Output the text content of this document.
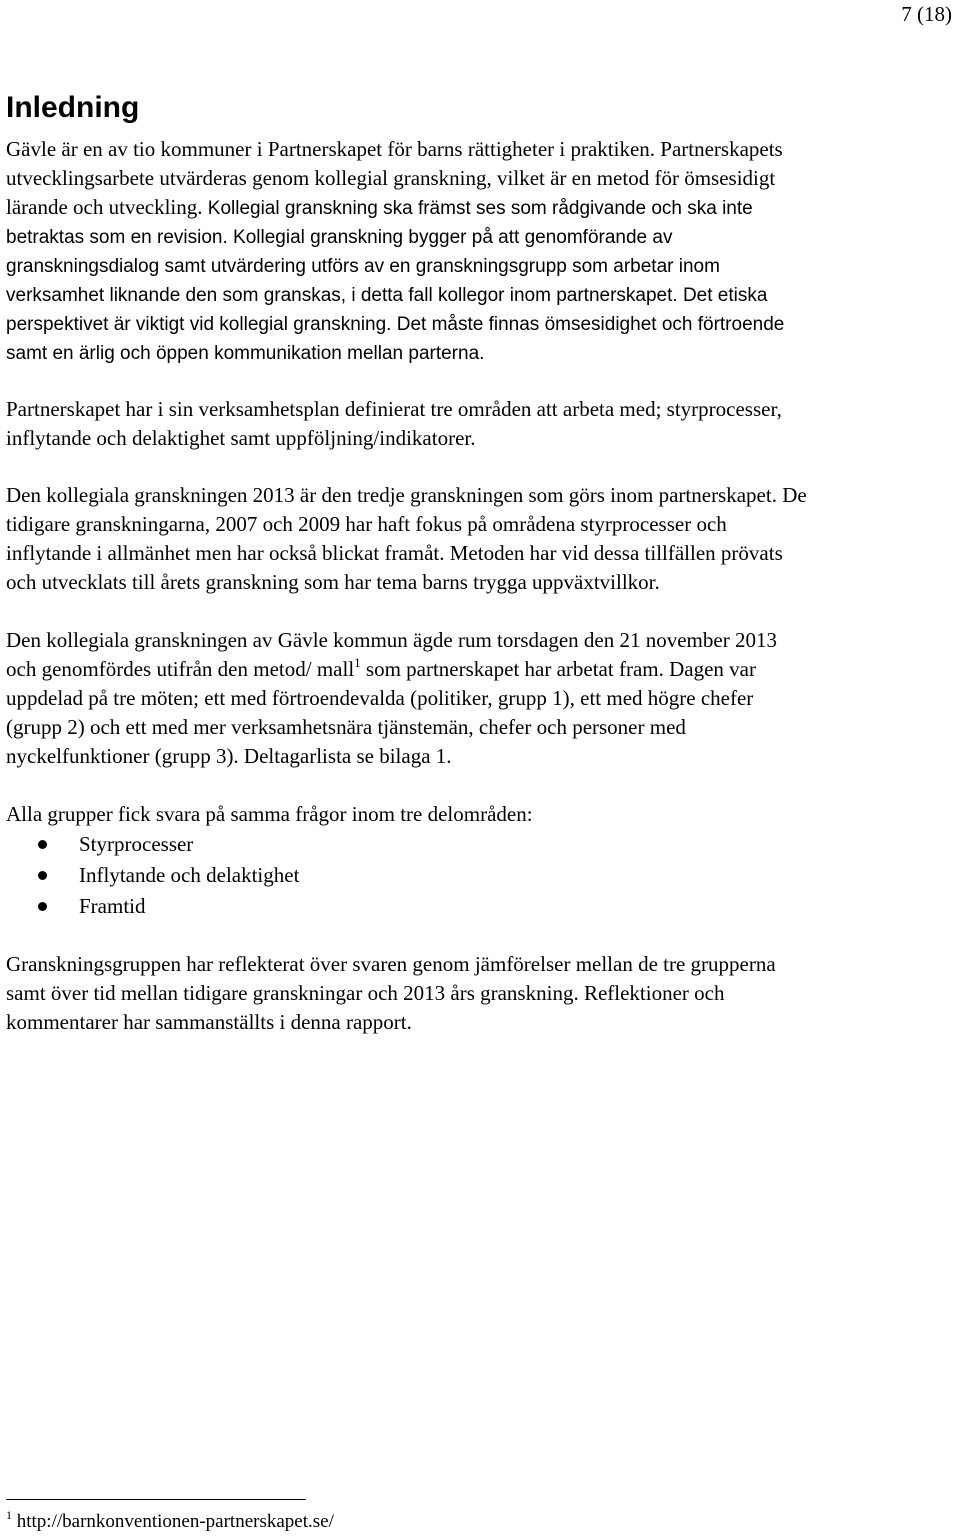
7 (18)
Inledning

Gävle är en av tio kommuner i Partnerskapet för barns rättigheter i praktiken. Partnerskapets
utvecklingsarbete utvärderas genom kollegial granskning, vilket är en metod för ömsesidigt
lärande och utveckling. Kollegial granskning ska främst ses som rådgivande och ska inte
betraktas som en revision. Kollegial granskning bygger på att genomförande av
granskningsdialog samt utvärdering utförs av en granskningsgrupp som arbetar inom
verksamhet liknande den som granskas, i detta fall kollegor inom partnerskapet. Det etiska
perspektivet är viktigt vid kollegial granskning. Det måste finnas ömsesidighet och förtroende
samt en ärlig och öppen kommunikation mellan parterna.

Partnerskapet har i sin verksamhetsplan definierat tre områden att arbeta med; styrprocesser,
inflytande och delaktighet samt uppföljning/indikatorer.

Den kollegiala granskningen 2013 är den tredje granskningen som görs inom partnerskapet. De
tidigare granskningarna, 2007 och 2009 har haft fokus på områdena styrprocesser och
inflytande i allmänhet men har också blickat framåt. Metoden har vid dessa tillfällen prövats
och utvecklats till årets granskning som har tema barns trygga uppväxtvillkor.

Den kollegiala granskningen av Gävle kommun ägde rum torsdagen den 21 november 2013
och genomfördes utifrån den metod/ mall$^1$ som partnerskapet har arbetat fram. Dagen var
uppdelad på tre möten; ett med förtroendevalda (politiker, grupp 1), ett med högre chefer
(grupp 2) och ett med mer verksamhetsnära tjänstemän, chefer och personer med
nyckelfunktioner (grupp 3). Deltagarlista se bilaga 1.

Alla grupper fick svara på samma frågor inom tre delområden:

Styrprocesser
Inflytande och delaktighet
Framtid

Granskningsgruppen har reflekterat över svaren genom jämförelser mellan de tre grupperna
samt över tid mellan tidigare granskningar och 2013 års granskning. Reflektioner och
kommentarer har sammanställts i denna rapport.

$^1$ http://barnkonventionen-partnerskapet.se/
